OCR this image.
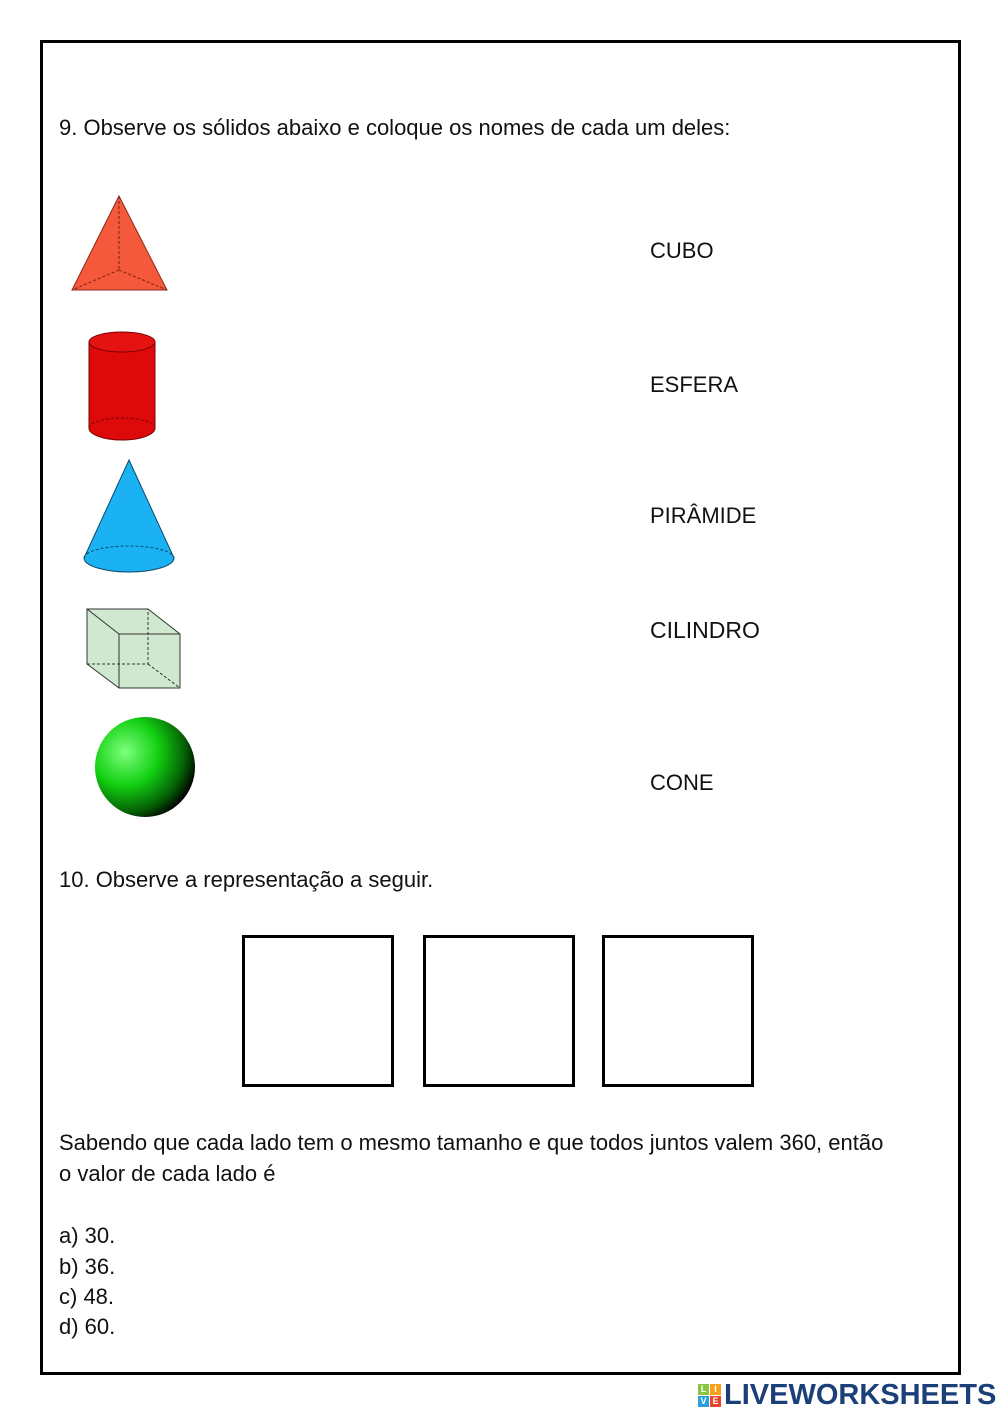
9. Observe os sólidos abaixo e coloque os nomes de cada um deles:
CUBO
ESFERA
PIRÂMIDE
CILINDRO
CONE
10. Observe a representação a seguir.
Sabendo que cada lado tem o mesmo tamanho e que todos juntos valem 360, então
o valor de cada lado é
a) 30.
b) 36.
c) 48.
d) 60.
L I
V E LIVEWORKSHEETS
